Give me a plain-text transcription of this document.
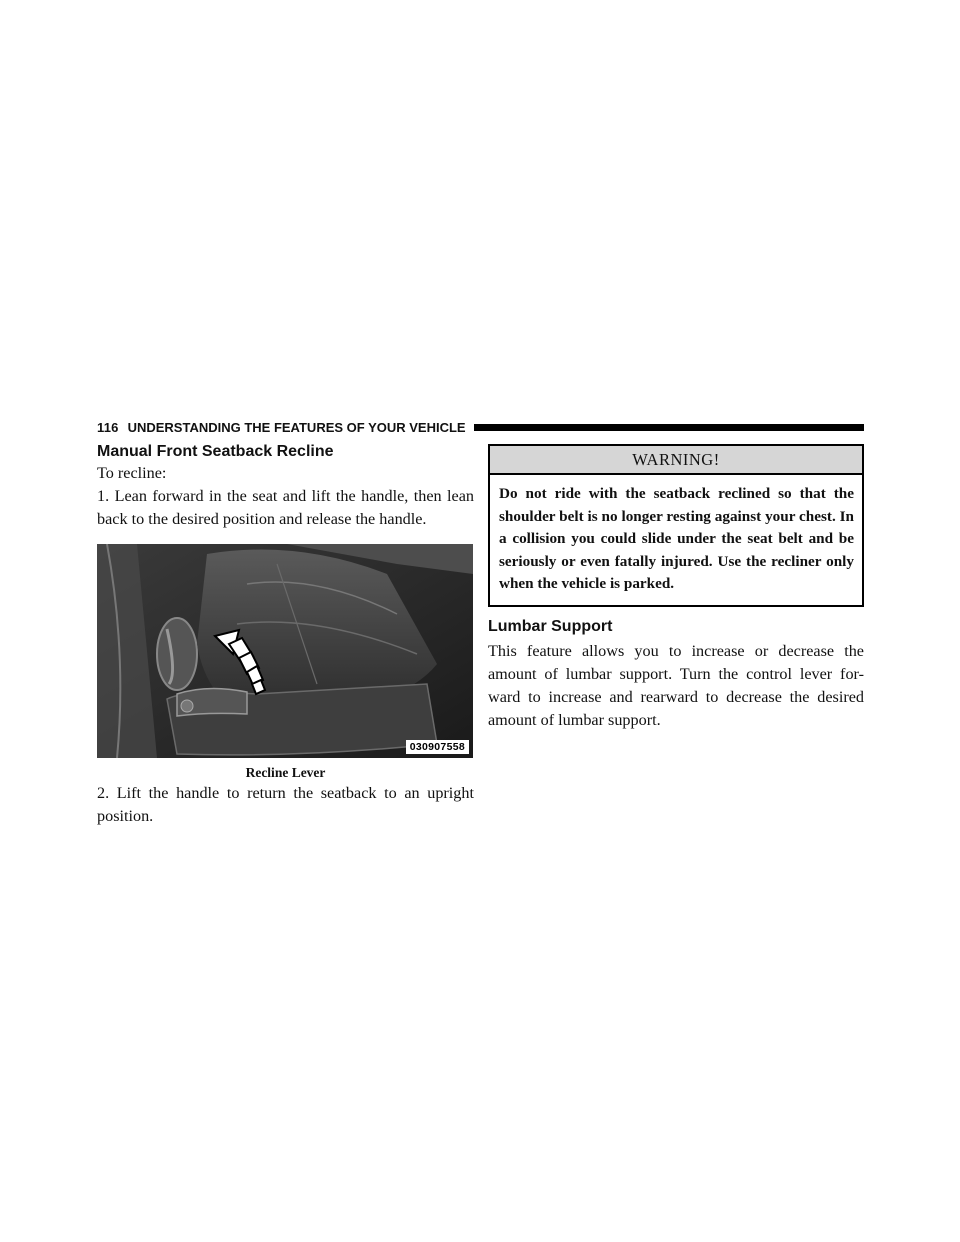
116 UNDERSTANDING THE FEATURES OF YOUR VEHICLE
Manual Front Seatback Recline

To recline:

1. Lean forward in the seat and lift the handle, then lean back to the desired position and release the handle.

030907558
Recline Lever

2. Lift the handle to return the seatback to an upright position.

WARNING!
Do not ride with the seatback reclined so that the shoulder belt is no longer resting against your chest. In a collision you could slide under the seat belt and be seriously or even fatally injured. Use the recliner only when the vehicle is parked.
Lumbar Support

This feature allows you to increase or decrease the amount of lumbar support. Turn the control lever for- ward to increase and rearward to decrease the desired amount of lumbar support.
